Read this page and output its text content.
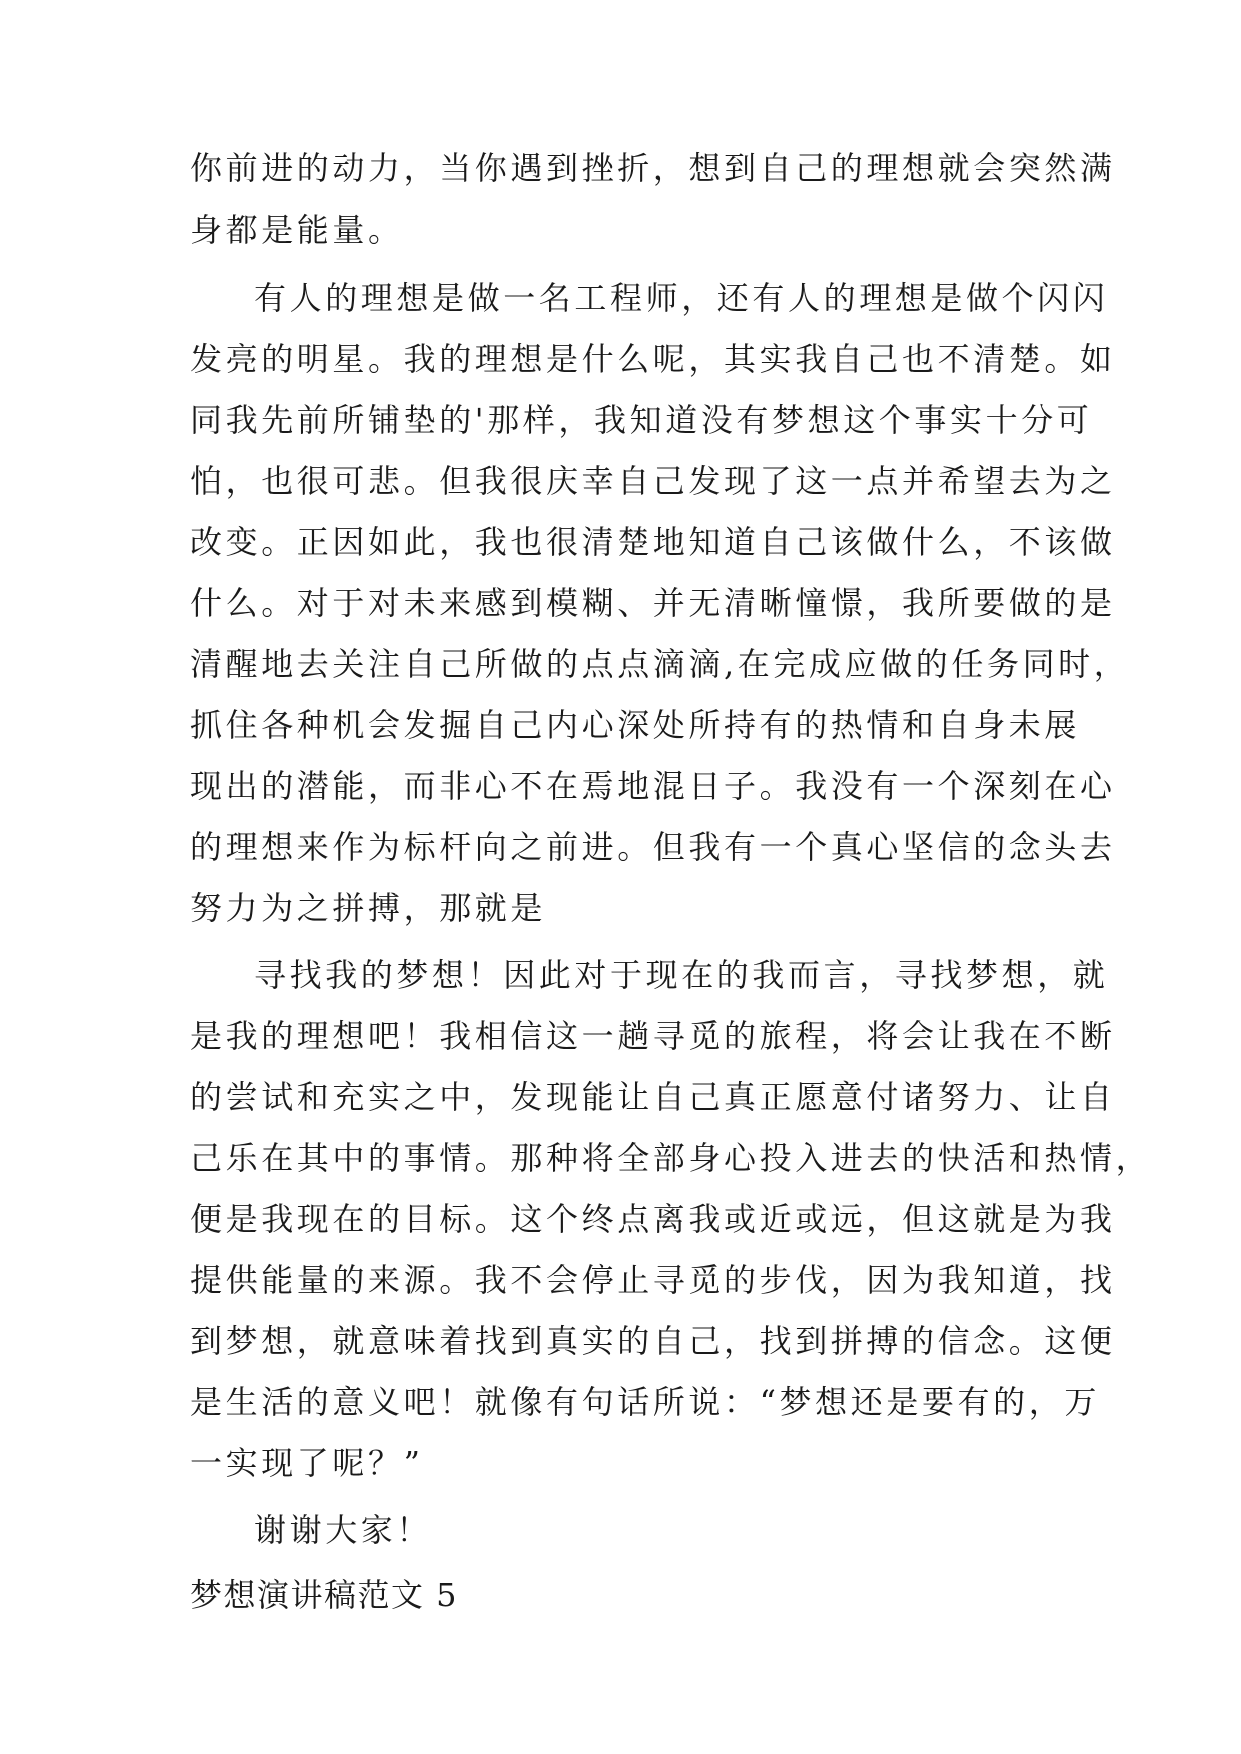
你前进的动力，当你遇到挫折，想到自己的理想就会突然满

身都是能量。

有人的理想是做一名工程师，还有人的理想是做个闪闪

发亮的明星。我的理想是什么呢，其实我自己也不清楚。如

同我先前所铺垫的'那样，我知道没有梦想这个事实十分可

怕，也很可悲。但我很庆幸自己发现了这一点并希望去为之

改变。正因如此，我也很清楚地知道自己该做什么，不该做

什么。对于对未来感到模糊、并无清晰憧憬，我所要做的是

清醒地去关注自己所做的点点滴滴,在完成应做的任务同时，

抓住各种机会发掘自己内心深处所持有的热情和自身未展

现出的潜能，而非心不在焉地混日子。我没有一个深刻在心

的理想来作为标杆向之前进。但我有一个真心坚信的念头去

努力为之拼搏，那就是

寻找我的梦想！因此对于现在的我而言，寻找梦想，就

是我的理想吧！我相信这一趟寻觅的旅程，将会让我在不断

的尝试和充实之中，发现能让自己真正愿意付诸努力、让自

己乐在其中的事情。那种将全部身心投入进去的快活和热情，

便是我现在的目标。这个终点离我或近或远，但这就是为我

提供能量的来源。我不会停止寻觅的步伐，因为我知道，找

到梦想，就意味着找到真实的自己，找到拼搏的信念。这便

是生活的意义吧！就像有句话所说：“梦想还是要有的，万

一实现了呢？”

谢谢大家！

梦想演讲稿范文 5
